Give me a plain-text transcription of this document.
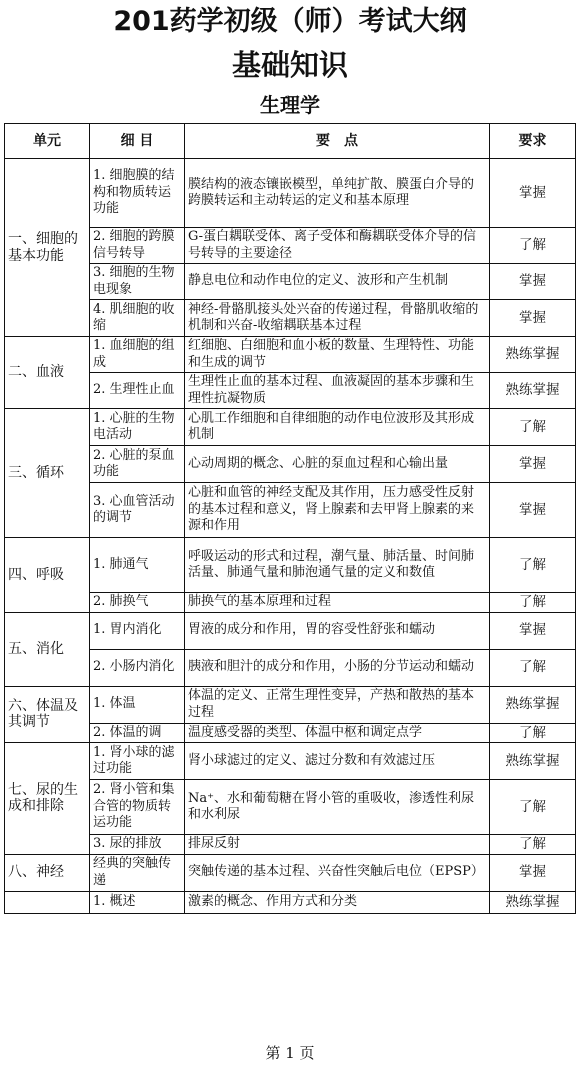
201药学初级（师）考试大纲
基础知识
生理学
单元	细 目	要　点	要求
一、细胞的基本功能	1. 细胞膜的结构和物质转运功能	膜结构的液态镶嵌模型，单纯扩散、膜蛋白介导的跨膜转运和主动转运的定义和基本原理	掌握
	2. 细胞的跨膜信号转导	G-蛋白耦联受体、离子受体和酶耦联受体介导的信号转导的主要途径	了解
	3. 细胞的生物电现象	静息电位和动作电位的定义、波形和产生机制	掌握
	4. 肌细胞的收缩	神经-骨骼肌接头处兴奋的传递过程，骨骼肌收缩的机制和兴奋-收缩耦联基本过程	掌握
二、血液	1. 血细胞的组成	红细胞、白细胞和血小板的数量、生理特性、功能和生成的调节	熟练掌握
	2. 生理性止血	生理性止血的基本过程、血液凝固的基本步骤和生理性抗凝物质	熟练掌握
三、循环	1. 心脏的生物电活动	心肌工作细胞和自律细胞的动作电位波形及其形成机制	了解
	2. 心脏的泵血功能	心动周期的概念、心脏的泵血过程和心输出量	掌握
	3. 心血管活动的调节	心脏和血管的神经支配及其作用，压力感受性反射的基本过程和意义，肾上腺素和去甲肾上腺素的来源和作用	掌握
四、呼吸	1. 肺通气	呼吸运动的形式和过程，潮气量、肺活量、时间肺活量、肺通气量和肺泡通气量的定义和数值	了解
	2. 肺换气	肺换气的基本原理和过程	了解
五、消化	1. 胃内消化	胃液的成分和作用，胃的容受性舒张和蠕动	掌握
	2. 小肠内消化	胰液和胆汁的成分和作用，小肠的分节运动和蠕动	了解
六、体温及其调节	1. 体温	体温的定义、正常生理性变异，产热和散热的基本过程	熟练掌握
	2. 体温的调	温度感受器的类型、体温中枢和调定点学	了解
七、尿的生成和排除	1. 肾小球的滤过功能	肾小球滤过的定义、滤过分数和有效滤过压	熟练掌握
	2. 肾小管和集合管的物质转运功能	Na⁺、水和葡萄糖在肾小管的重吸收，渗透性利尿和水利尿	了解
	3. 尿的排放	排尿反射	了解
八、神经	经典的突触传递	突触传递的基本过程、兴奋性突触后电位（EPSP）	掌握
	1. 概述	激素的概念、作用方式和分类	熟练掌握
第 1 页
